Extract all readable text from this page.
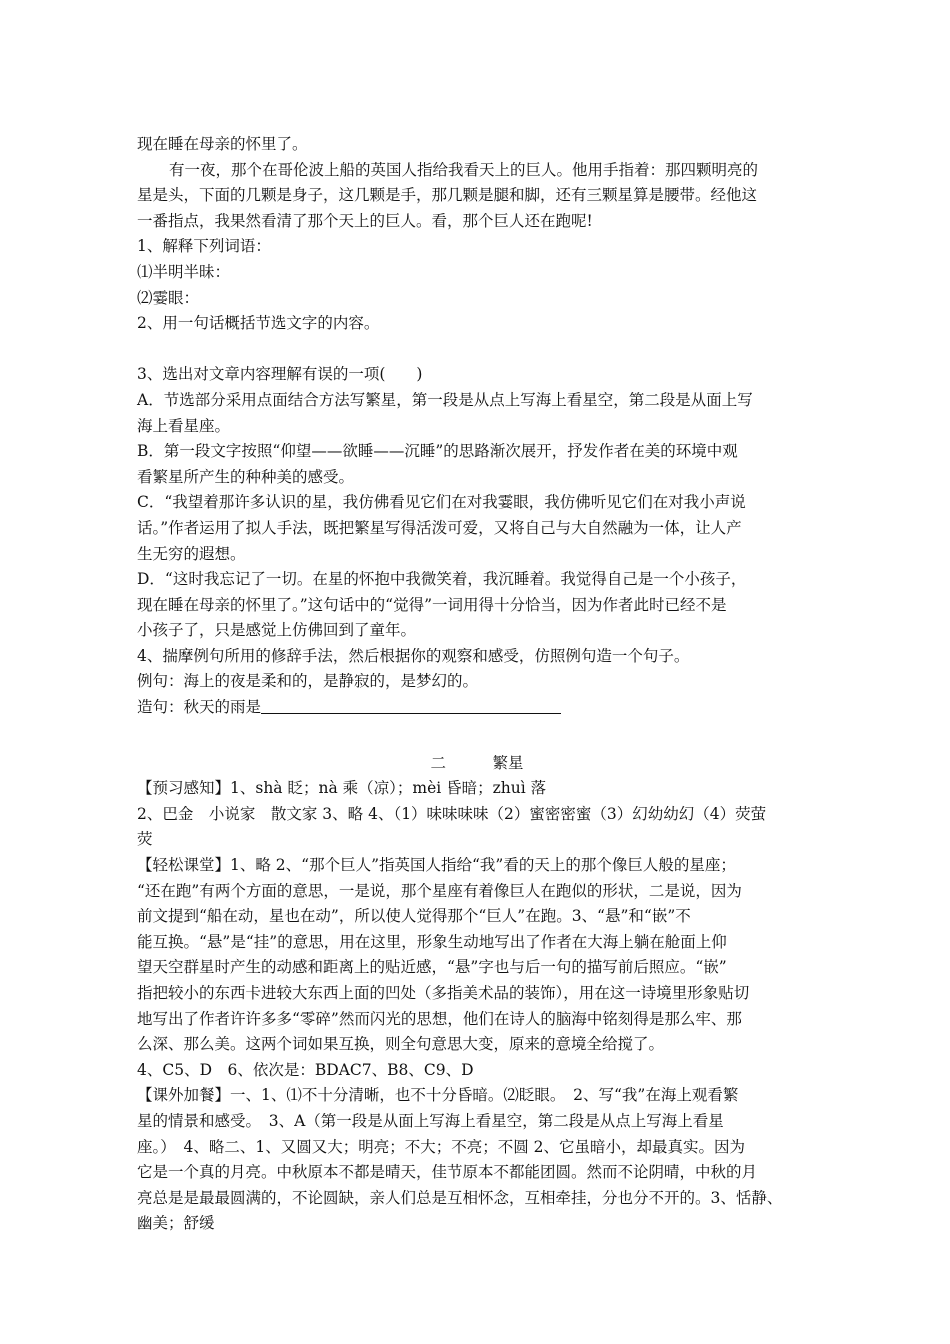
现在睡在母亲的怀里了。
有一夜，那个在哥伦波上船的英国人指给我看天上的巨人。他用手指着：那四颗明亮的
星是头，下面的几颗是身子，这几颗是手，那几颗是腿和脚，还有三颗星算是腰带。经他这
一番指点，我果然看清了那个天上的巨人。看，那个巨人还在跑呢!
1、解释下列词语：
⑴半明半昧：
⑵霎眼：
2、用一句话概括节选文字的内容。
3、选出对文章内容理解有误的一项(　　)
A．节选部分采用点面结合方法写繁星，第一段是从点上写海上看星空，第二段是从面上写
海上看星座。
B．第一段文字按照“仰望——欲睡——沉睡”的思路渐次展开，抒发作者在美的环境中观
看繁星所产生的种种美的感受。
C．“我望着那许多认识的星，我仿佛看见它们在对我霎眼，我仿佛听见它们在对我小声说
话。”作者运用了拟人手法，既把繁星写得活泼可爱，又将自己与大自然融为一体，让人产
生无穷的遐想。
D．“这时我忘记了一切。在星的怀抱中我微笑着，我沉睡着。我觉得自己是一个小孩子，
现在睡在母亲的怀里了。”这句话中的“觉得”一词用得十分恰当，因为作者此时已经不是
小孩子了，只是感觉上仿佛回到了童年。
4、揣摩例句所用的修辞手法，然后根据你的观察和感受，仿照例句造一个句子。
例句：海上的夜是柔和的，是静寂的，是梦幻的。
造句：秋天的雨是
二　　　繁星
【预习感知】1、shà 眨；nà 乘（凉）；mèi 昏暗；zhuì 落
2、巴金　小说家　散文家 3、略 4、（1）味味味味（2）蜜密密蜜（3）幻幼幼幻（4）荧萤
荧
【轻松课堂】1、略 2、“那个巨人”指英国人指给“我”看的天上的那个像巨人般的星座；
“还在跑”有两个方面的意思，一是说，那个星座有着像巨人在跑似的形状，二是说，因为
前文提到“船在动，星也在动”，所以使人觉得那个“巨人”在跑。3、“悬”和“嵌”不
能互换。“悬”是“挂”的意思，用在这里，形象生动地写出了作者在大海上躺在舱面上仰
望天空群星时产生的动感和距离上的贴近感，“悬”字也与后一句的描写前后照应。“嵌”
指把较小的东西卡进较大东西上面的凹处（多指美术品的装饰），用在这一诗境里形象贴切
地写出了作者许许多多“零碎”然而闪光的思想，他们在诗人的脑海中铭刻得是那么牢、那
么深、那么美。这两个词如果互换，则全句意思大变，原来的意境全给搅了。
4、C5、D　6、依次是：BDAC7、B8、C9、D
【课外加餐】一、1、⑴不十分清晰，也不十分昏暗。⑵眨眼。　2、写“我”在海上观看繁
星的情景和感受。　3、A（第一段是从面上写海上看星空，第二段是从点上写海上看星
座。）　4、略二、1、又圆又大；明亮；不大；不亮；不圆 2、它虽暗小，却最真实。因为
它是一个真的月亮。中秋原本不都是晴天，佳节原本不都能团圆。然而不论阴晴，中秋的月
亮总是是最最圆满的，不论圆缺，亲人们总是互相怀念，互相牵挂，分也分不开的。3、恬静、
幽美；舒缓
